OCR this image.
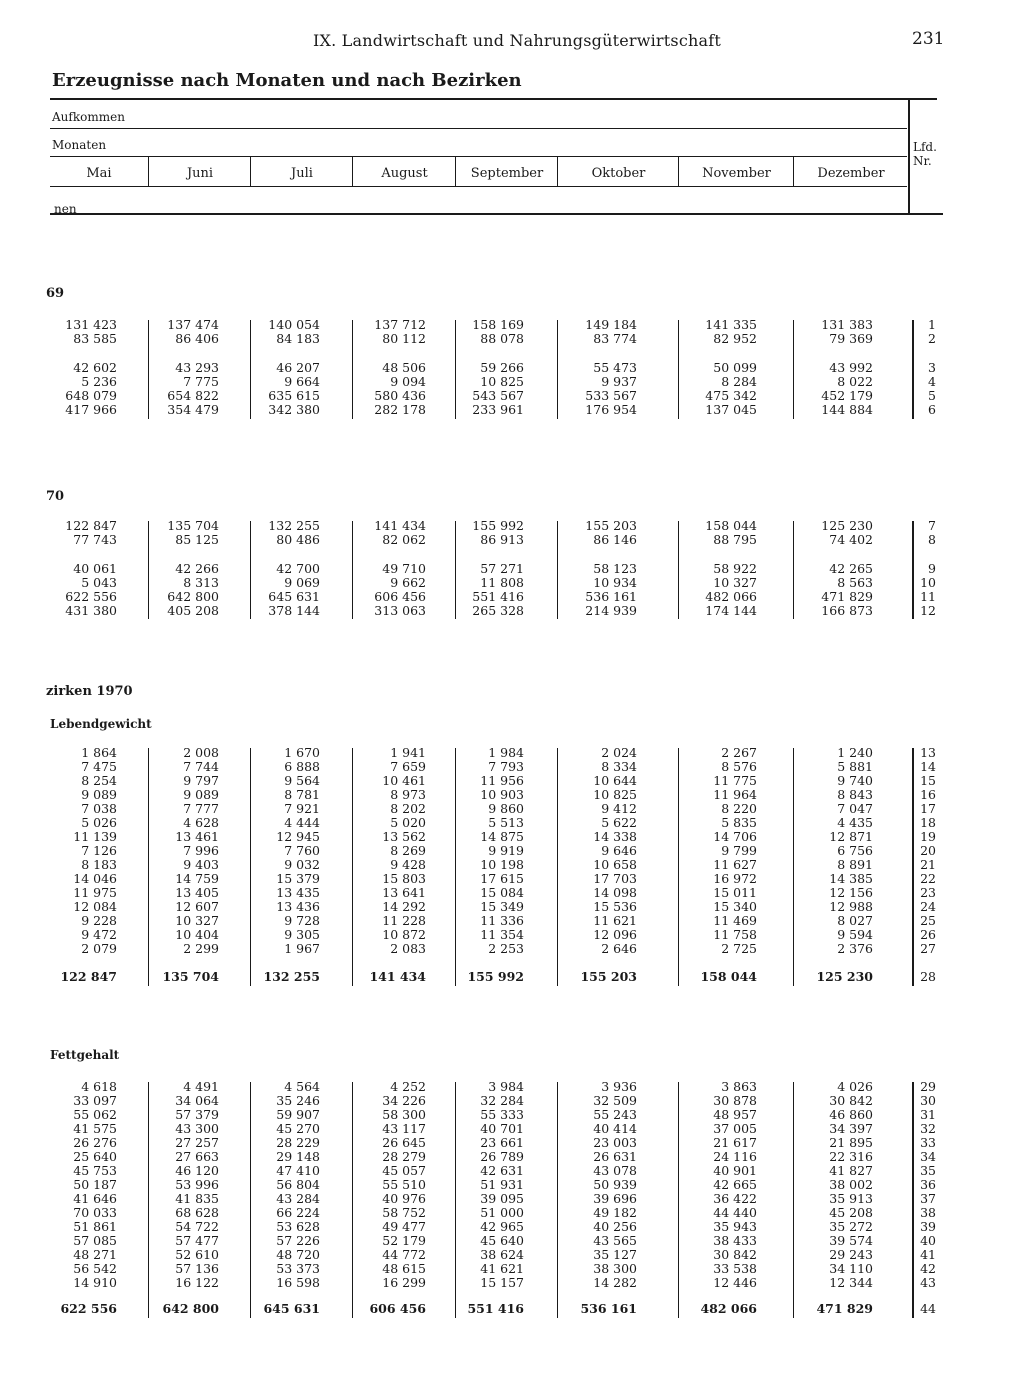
IX. Landwirtschaft und Nahrungsgüterwirtschaft	231
Erzeugnisse nach Monaten und nach Bezirken
Aufkommen
Monaten	Lfd.
Nr.
nen
Mai	Juni	Juli	August	September	Oktober	November	Dezember
69
131 423	137 474	140 054	137 712	158 169	149 184	141 335	131 383	1
83 585	86 406	84 183	80 112	88 078	83 774	82 952	79 369	2
42 602	43 293	46 207	48 506	59 266	55 473	50 099	43 992	3
5 236	7 775	9 664	9 094	10 825	9 937	8 284	8 022	4
648 079	654 822	635 615	580 436	543 567	533 567	475 342	452 179	5
417 966	354 479	342 380	282 178	233 961	176 954	137 045	144 884	6
70
122 847	135 704	132 255	141 434	155 992	155 203	158 044	125 230	7
77 743	85 125	80 486	82 062	86 913	86 146	88 795	74 402	8
40 061	42 266	42 700	49 710	57 271	58 123	58 922	42 265	9
5 043	8 313	9 069	9 662	11 808	10 934	10 327	8 563	10
622 556	642 800	645 631	606 456	551 416	536 161	482 066	471 829	11
431 380	405 208	378 144	313 063	265 328	214 939	174 144	166 873	12
zirken 1970
Lebendgewicht
1 864	2 008	1 670	1 941	1 984	2 024	2 267	1 240	13
7 475	7 744	6 888	7 659	7 793	8 334	8 576	5 881	14
8 254	9 797	9 564	10 461	11 956	10 644	11 775	9 740	15
9 089	9 089	8 781	8 973	10 903	10 825	11 964	8 843	16
7 038	7 777	7 921	8 202	9 860	9 412	8 220	7 047	17
5 026	4 628	4 444	5 020	5 513	5 622	5 835	4 435	18
11 139	13 461	12 945	13 562	14 875	14 338	14 706	12 871	19
7 126	7 996	7 760	8 269	9 919	9 646	9 799	6 756	20
8 183	9 403	9 032	9 428	10 198	10 658	11 627	8 891	21
14 046	14 759	15 379	15 803	17 615	17 703	16 972	14 385	22
11 975	13 405	13 435	13 641	15 084	14 098	15 011	12 156	23
12 084	12 607	13 436	14 292	15 349	15 536	15 340	12 988	24
9 228	10 327	9 728	11 228	11 336	11 621	11 469	8 027	25
9 472	10 404	9 305	10 872	11 354	12 096	11 758	9 594	26
2 079	2 299	1 967	2 083	2 253	2 646	2 725	2 376	27
122 847	135 704	132 255	141 434	155 992	155 203	158 044	125 230	28
Fettgehalt
4 618	4 491	4 564	4 252	3 984	3 936	3 863	4 026	29
33 097	34 064	35 246	34 226	32 284	32 509	30 878	30 842	30
55 062	57 379	59 907	58 300	55 333	55 243	48 957	46 860	31
41 575	43 300	45 270	43 117	40 701	40 414	37 005	34 397	32
26 276	27 257	28 229	26 645	23 661	23 003	21 617	21 895	33
25 640	27 663	29 148	28 279	26 789	26 631	24 116	22 316	34
45 753	46 120	47 410	45 057	42 631	43 078	40 901	41 827	35
50 187	53 996	56 804	55 510	51 931	50 939	42 665	38 002	36
41 646	41 835	43 284	40 976	39 095	39 696	36 422	35 913	37
70 033	68 628	66 224	58 752	51 000	49 182	44 440	45 208	38
51 861	54 722	53 628	49 477	42 965	40 256	35 943	35 272	39
57 085	57 477	57 226	52 179	45 640	43 565	38 433	39 574	40
48 271	52 610	48 720	44 772	38 624	35 127	30 842	29 243	41
56 542	57 136	53 373	48 615	41 621	38 300	33 538	34 110	42
14 910	16 122	16 598	16 299	15 157	14 282	12 446	12 344	43
622 556	642 800	645 631	606 456	551 416	536 161	482 066	471 829	44
